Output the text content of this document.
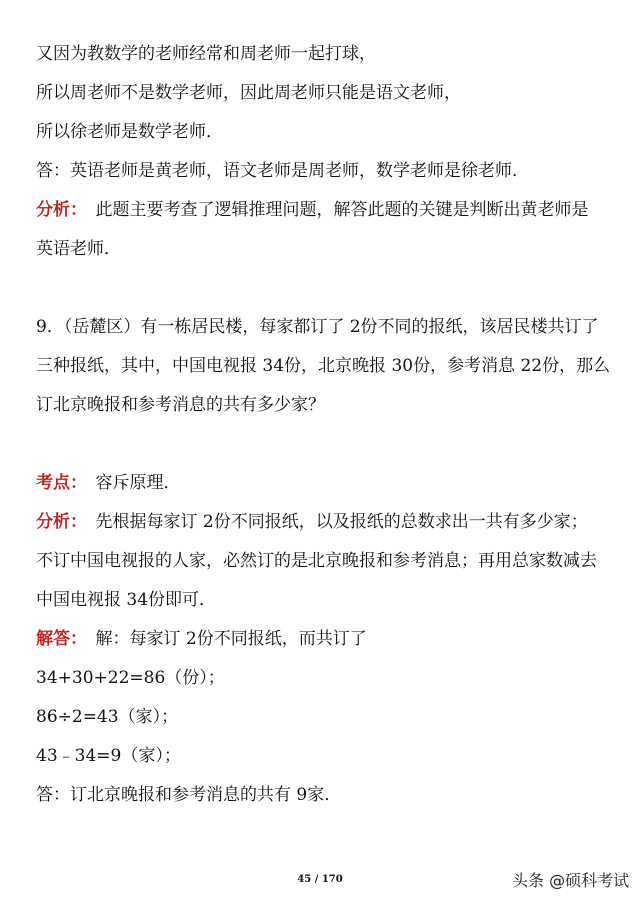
又因为教数学的老师经常和周老师一起打球，
所以周老师不是数学老师，因此周老师只能是语文老师，
所以徐老师是数学老师．
答：英语老师是黄老师，语文老师是周老师，数学老师是徐老师．
分析：　此题主要考查了逻辑推理问题，解答此题的关键是判断出黄老师是
英语老师．
9．（岳麓区）有一栋居民楼，每家都订了 2份不同的报纸，该居民楼共订了
三种报纸，其中，中国电视报 34份，北京晚报 30份，参考消息 22份，那么
订北京晚报和参考消息的共有多少家？
考点：　容斥原理．
分析：　先根据每家订 2份不同报纸，以及报纸的总数求出一共有多少家；
不订中国电视报的人家，必然订的是北京晚报和参考消息；再用总家数减去
中国电视报 34份即可．
解答：　解：每家订 2份不同报纸，而共订了
34+30+22=86（份）；
86÷2=43（家）；
43﹣34=9（家）；
答：订北京晚报和参考消息的共有 9家．
45 / 170	头条 @硕科考试
